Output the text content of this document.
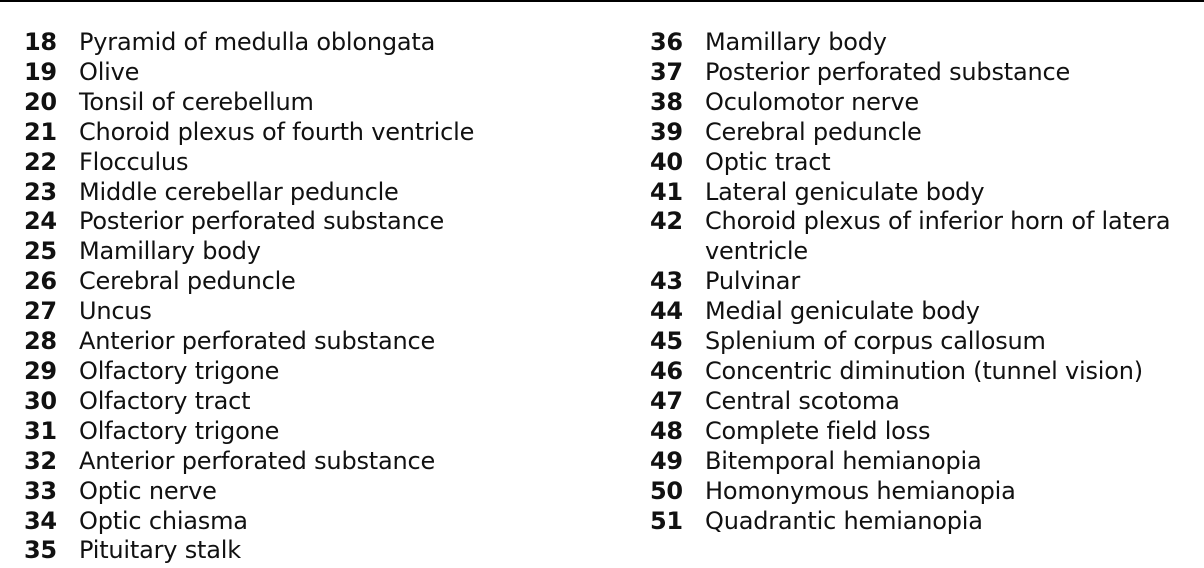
18 Pyramid of medulla oblongata
19 Olive
20 Tonsil of cerebellum
21 Choroid plexus of fourth ventricle
22 Flocculus
23 Middle cerebellar peduncle
24 Posterior perforated substance
25 Mamillary body
26 Cerebral peduncle
27 Uncus
28 Anterior perforated substance
29 Olfactory trigone
30 Olfactory tract
31 Olfactory trigone
32 Anterior perforated substance
33 Optic nerve
34 Optic chiasma
35 Pituitary stalk
36 Mamillary body
37 Posterior perforated substance
38 Oculomotor nerve
39 Cerebral peduncle
40 Optic tract
41 Lateral geniculate body
42 Choroid plexus of inferior horn of latera ventricle
43 Pulvinar
44 Medial geniculate body
45 Splenium of corpus callosum
46 Concentric diminution (tunnel vision)
47 Central scotoma
48 Complete field loss
49 Bitemporal hemianopia
50 Homonymous hemianopia
51 Quadrantic hemianopia
